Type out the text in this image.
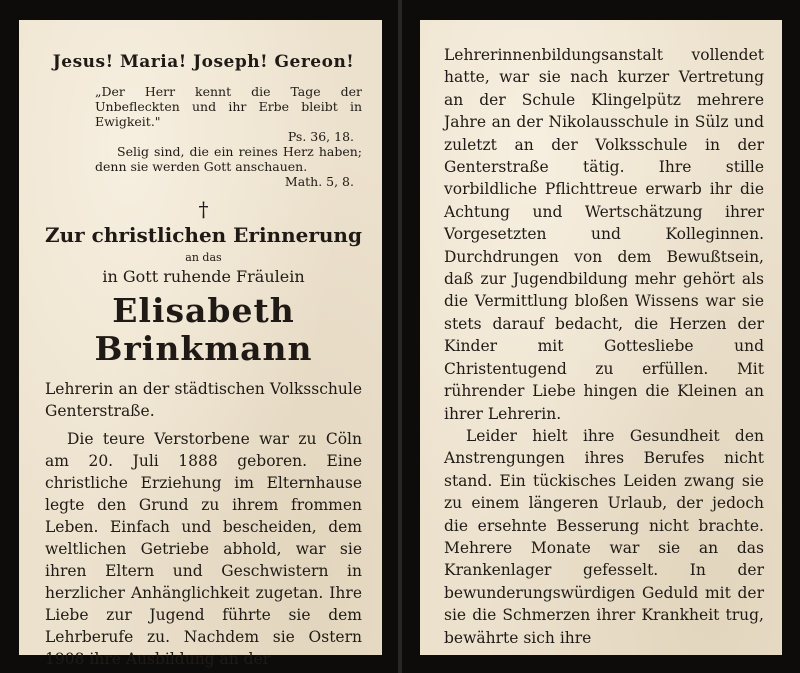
Jesus! Maria! Joseph! Gereon!

„Der Herr kennt die Tage der Unbefleckten und ihr Erbe bleibt in Ewigkeit."

Ps. 36, 18.

Selig sind, die ein reines Herz haben; denn sie werden Gott anschauen.

Math. 5, 8.

†
Zur christlichen Erinnerung
an das
in Gott ruhende Fräulein
Elisabeth Brinkmann

Lehrerin an der städtischen Volksschule Genterstraße.

Die teure Verstorbene war zu Cöln am 20. Juli 1888 geboren. Eine christliche Erziehung im Elternhause legte den Grund zu ihrem frommen Leben. Einfach und bescheiden, dem weltlichen Getriebe abhold, war sie ihren Eltern und Geschwistern in herzlicher Anhänglichkeit zugetan. Ihre Liebe zur Jugend führte sie dem Lehrberufe zu. Nachdem sie Ostern 1908 ihre Ausbildung an der

Lehrerinnenbildungsanstalt vollendet hatte, war sie nach kurzer Vertretung an der Schule Klingelpütz mehrere Jahre an der Nikolausschule in Sülz und zuletzt an der Volksschule in der Genterstraße tätig. Ihre stille vorbildliche Pflichttreue erwarb ihr die Achtung und Wertschätzung ihrer Vorgesetzten und Kolleginnen. Durchdrungen von dem Bewußtsein, daß zur Jugendbildung mehr gehört als die Vermittlung bloßen Wissens war sie stets darauf bedacht, die Herzen der Kinder mit Gottesliebe und Christentugend zu erfüllen. Mit rührender Liebe hingen die Kleinen an ihrer Lehrerin.

Leider hielt ihre Gesundheit den Anstrengungen ihres Berufes nicht stand. Ein tückisches Leiden zwang sie zu einem längeren Urlaub, der jedoch die ersehnte Besserung nicht brachte. Mehrere Monate war sie an das Krankenlager gefesselt. In der bewunderungswürdigen Geduld mit der sie die Schmerzen ihrer Krankheit trug, bewährte sich ihre
